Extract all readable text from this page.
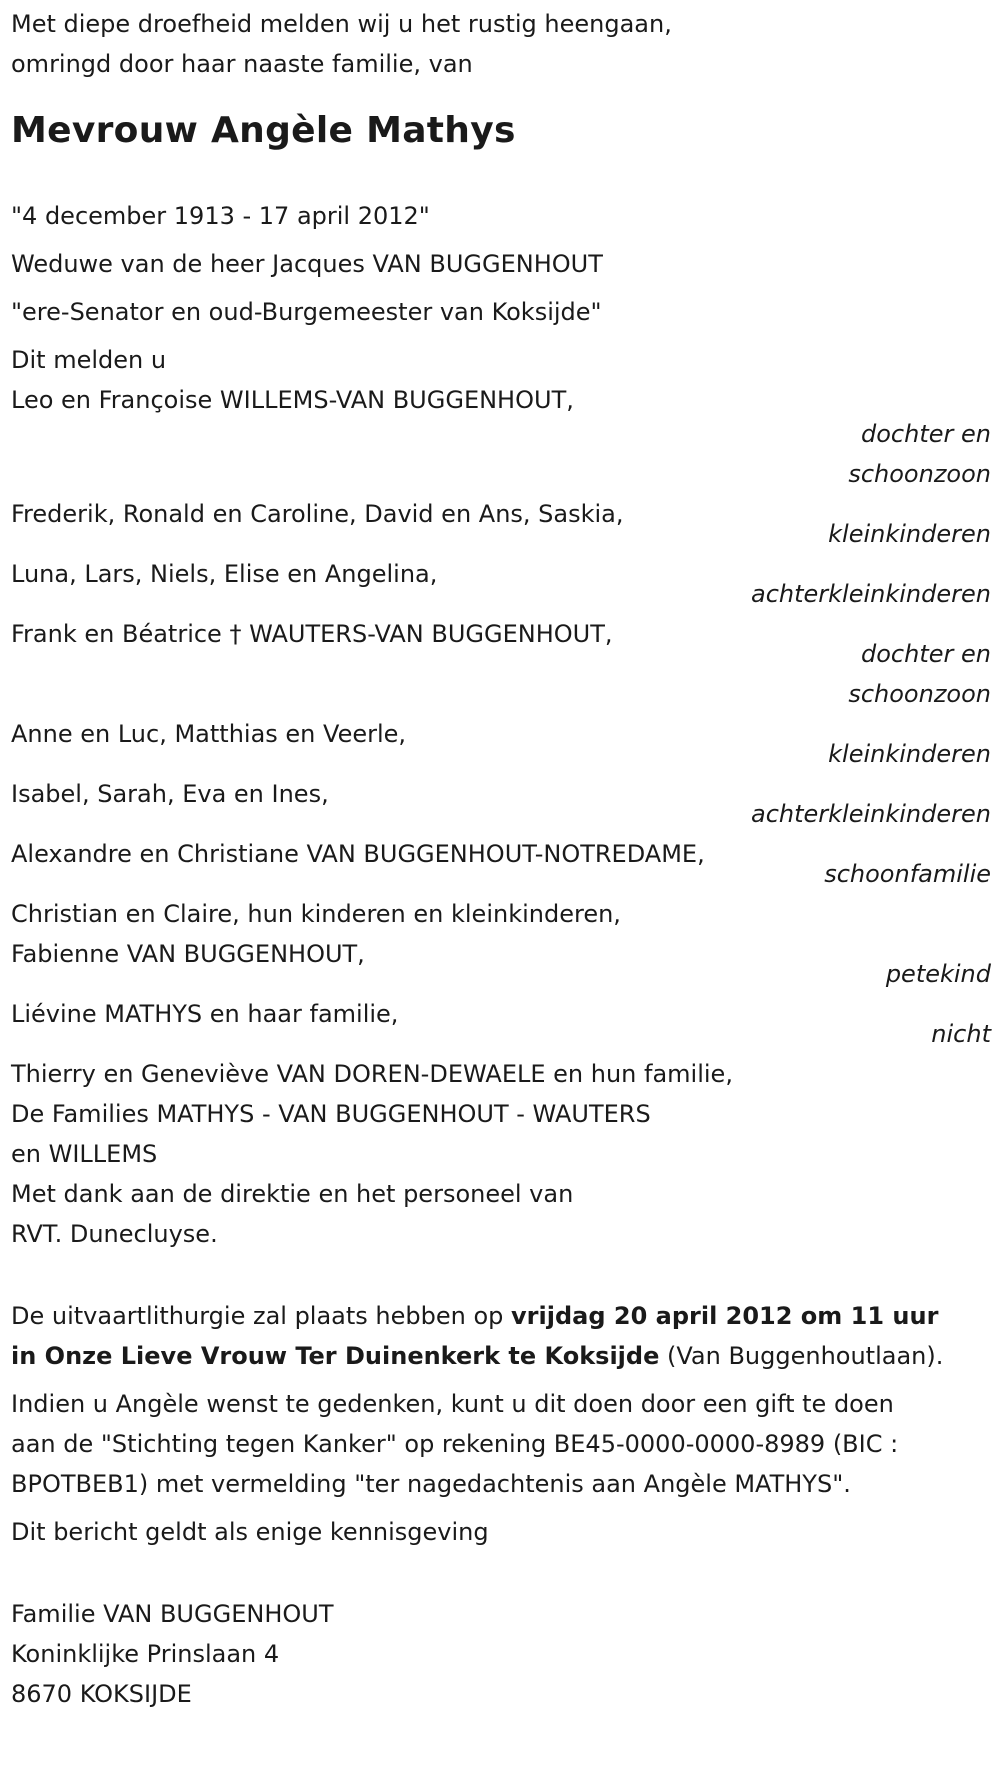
Met diepe droefheid melden wij u het rustig heengaan,
omringd door haar naaste familie, van
Mevrouw Angèle Mathys
"4 december 1913 - 17 april 2012"
Weduwe van de heer Jacques VAN BUGGENHOUT
"ere-Senator en oud-Burgemeester van Koksijde"
Dit melden u
Leo en Françoise WILLEMS-VAN BUGGENHOUT,
dochter en
schoonzoon
Frederik, Ronald en Caroline, David en Ans, Saskia,
kleinkinderen
Luna, Lars, Niels, Elise en Angelina,
achterkleinkinderen
Frank en Béatrice † WAUTERS-VAN BUGGENHOUT,
dochter en
schoonzoon
Anne en Luc, Matthias en Veerle,
kleinkinderen
Isabel, Sarah, Eva en Ines,
achterkleinkinderen
Alexandre en Christiane VAN BUGGENHOUT-NOTREDAME,
schoonfamilie
Christian en Claire, hun kinderen en kleinkinderen,
Fabienne VAN BUGGENHOUT,
petekind
Liévine MATHYS en haar familie,
nicht
Thierry en Geneviève VAN DOREN-DEWAELE en hun familie,
De Families MATHYS - VAN BUGGENHOUT - WAUTERS
en WILLEMS
Met dank aan de direktie en het personeel van
RVT. Dunecluyse.
De uitvaartlithurgie zal plaats hebben op vrijdag 20 april 2012 om 11 uur
in Onze Lieve Vrouw Ter Duinenkerk te Koksijde (Van Buggenhoutlaan).
Indien u Angèle wenst te gedenken, kunt u dit doen door een gift te doen
aan de "Stichting tegen Kanker" op rekening BE45-0000-0000-8989 (BIC :
BPOTBEB1) met vermelding "ter nagedachtenis aan Angèle MATHYS".
Dit bericht geldt als enige kennisgeving
Familie VAN BUGGENHOUT
Koninklijke Prinslaan 4
8670 KOKSIJDE
